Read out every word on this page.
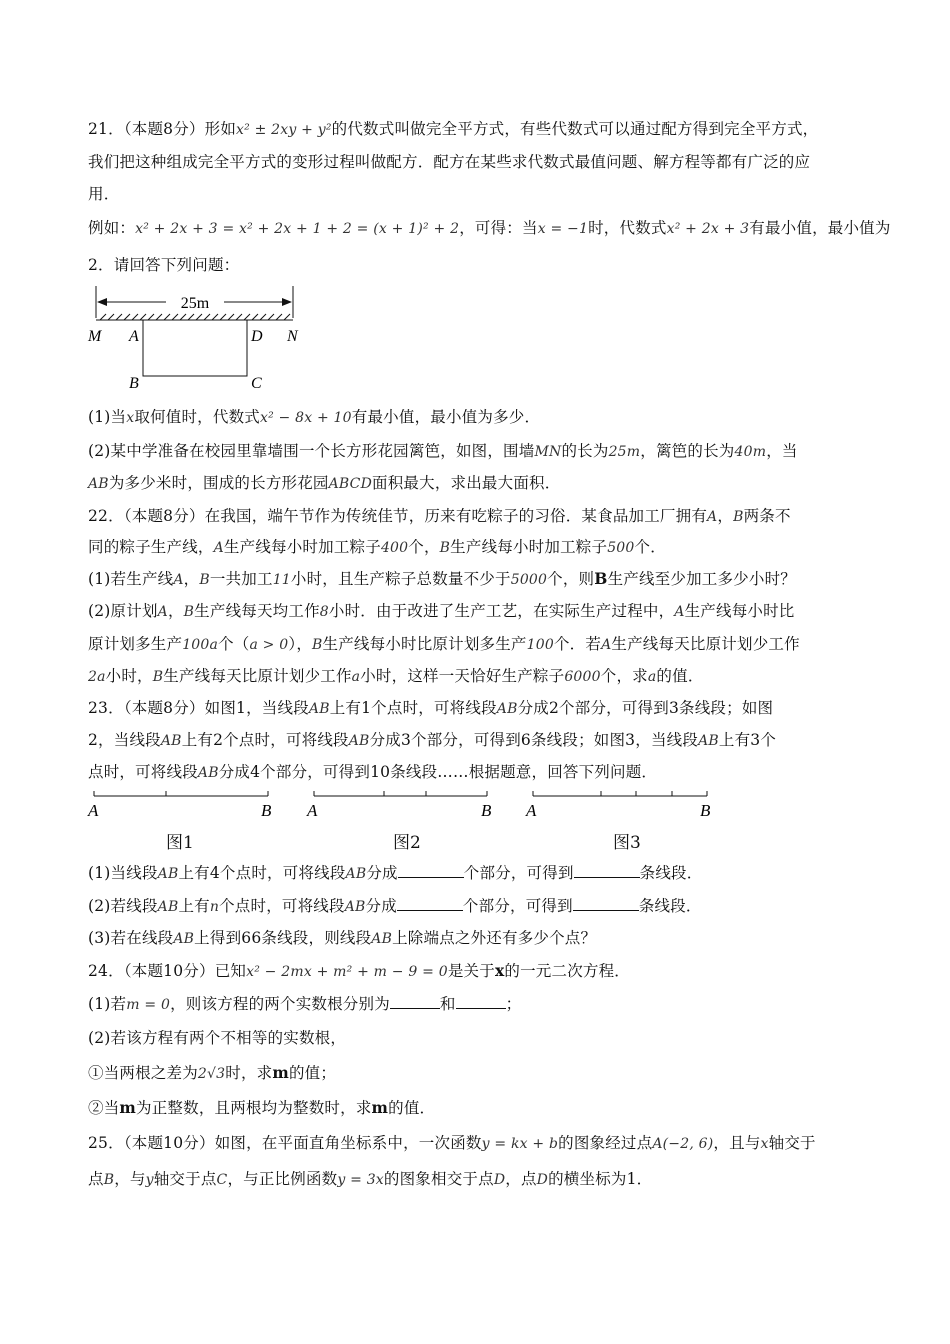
21．（本题8分）形如x² ± 2xy + y²的代数式叫做完全平方式，有些代数式可以通过配方得到完全平方式，
我们把这种组成完全平方式的变形过程叫做配方．配方在某些求代数式最值问题、解方程等都有广泛的应
用．
例如：x² + 2x + 3 = x² + 2x + 1 + 2 = (x + 1)² + 2，可得：当x = −1时，代数式x² + 2x + 3有最小值，最小值为
2．请回答下列问题：
25m
M A	D N
B	C
(1)当x取何值时，代数式x² − 8x + 10有最小值，最小值为多少．
(2)某中学准备在校园里靠墙围一个长方形花园篱笆，如图，围墙MN的长为25m，篱笆的长为40m，当
AB为多少米时，围成的长方形花园ABCD面积最大，求出最大面积．
22．（本题8分）在我国，端午节作为传统佳节，历来有吃粽子的习俗．某食品加工厂拥有A，B两条不
同的粽子生产线，A生产线每小时加工粽子400个，B生产线每小时加工粽子500个．
(1)若生产线A，B一共加工11小时，且生产粽子总数量不少于5000个，则B生产线至少加工多少小时？
(2)原计划A，B生产线每天均工作8小时．由于改进了生产工艺，在实际生产过程中，A生产线每小时比
原计划多生产100a个（a > 0），B生产线每小时比原计划多生产100个．若A生产线每天比原计划少工作
2a小时，B生产线每天比原计划少工作a小时，这样一天恰好生产粽子6000个，求a的值．
23．（本题8分）如图1，当线段AB上有1个点时，可将线段AB分成2个部分，可得到3条线段；如图
2，当线段AB上有2个点时，可将线段AB分成3个部分，可得到6条线段；如图3，当线段AB上有3个
点时，可将线段AB分成4个部分，可得到10条线段……根据题意，回答下列问题．
A	B A	B A	B
图1	图2	图3
(1)当线段AB上有4个点时，可将线段AB分成	个部分，可得到	条线段．
(2)若线段AB上有n个点时，可将线段AB分成	个部分，可得到	条线段．
(3)若在线段AB上得到66条线段，则线段AB上除端点之外还有多少个点？
24．（本题10分）已知x² − 2mx + m² + m − 9 = 0是关于x的一元二次方程．
(1)若m = 0，则该方程的两个实数根分别为	和	；
(2)若该方程有两个不相等的实数根，
①当两根之差为2√3时，求m的值；
②当m为正整数，且两根均为整数时，求m的值．
25．（本题10分）如图，在平面直角坐标系中，一次函数y = kx + b的图象经过点A(−2, 6)，且与x轴交于
点B，与y轴交于点C，与正比例函数y = 3x的图象相交于点D，点D的横坐标为1．
